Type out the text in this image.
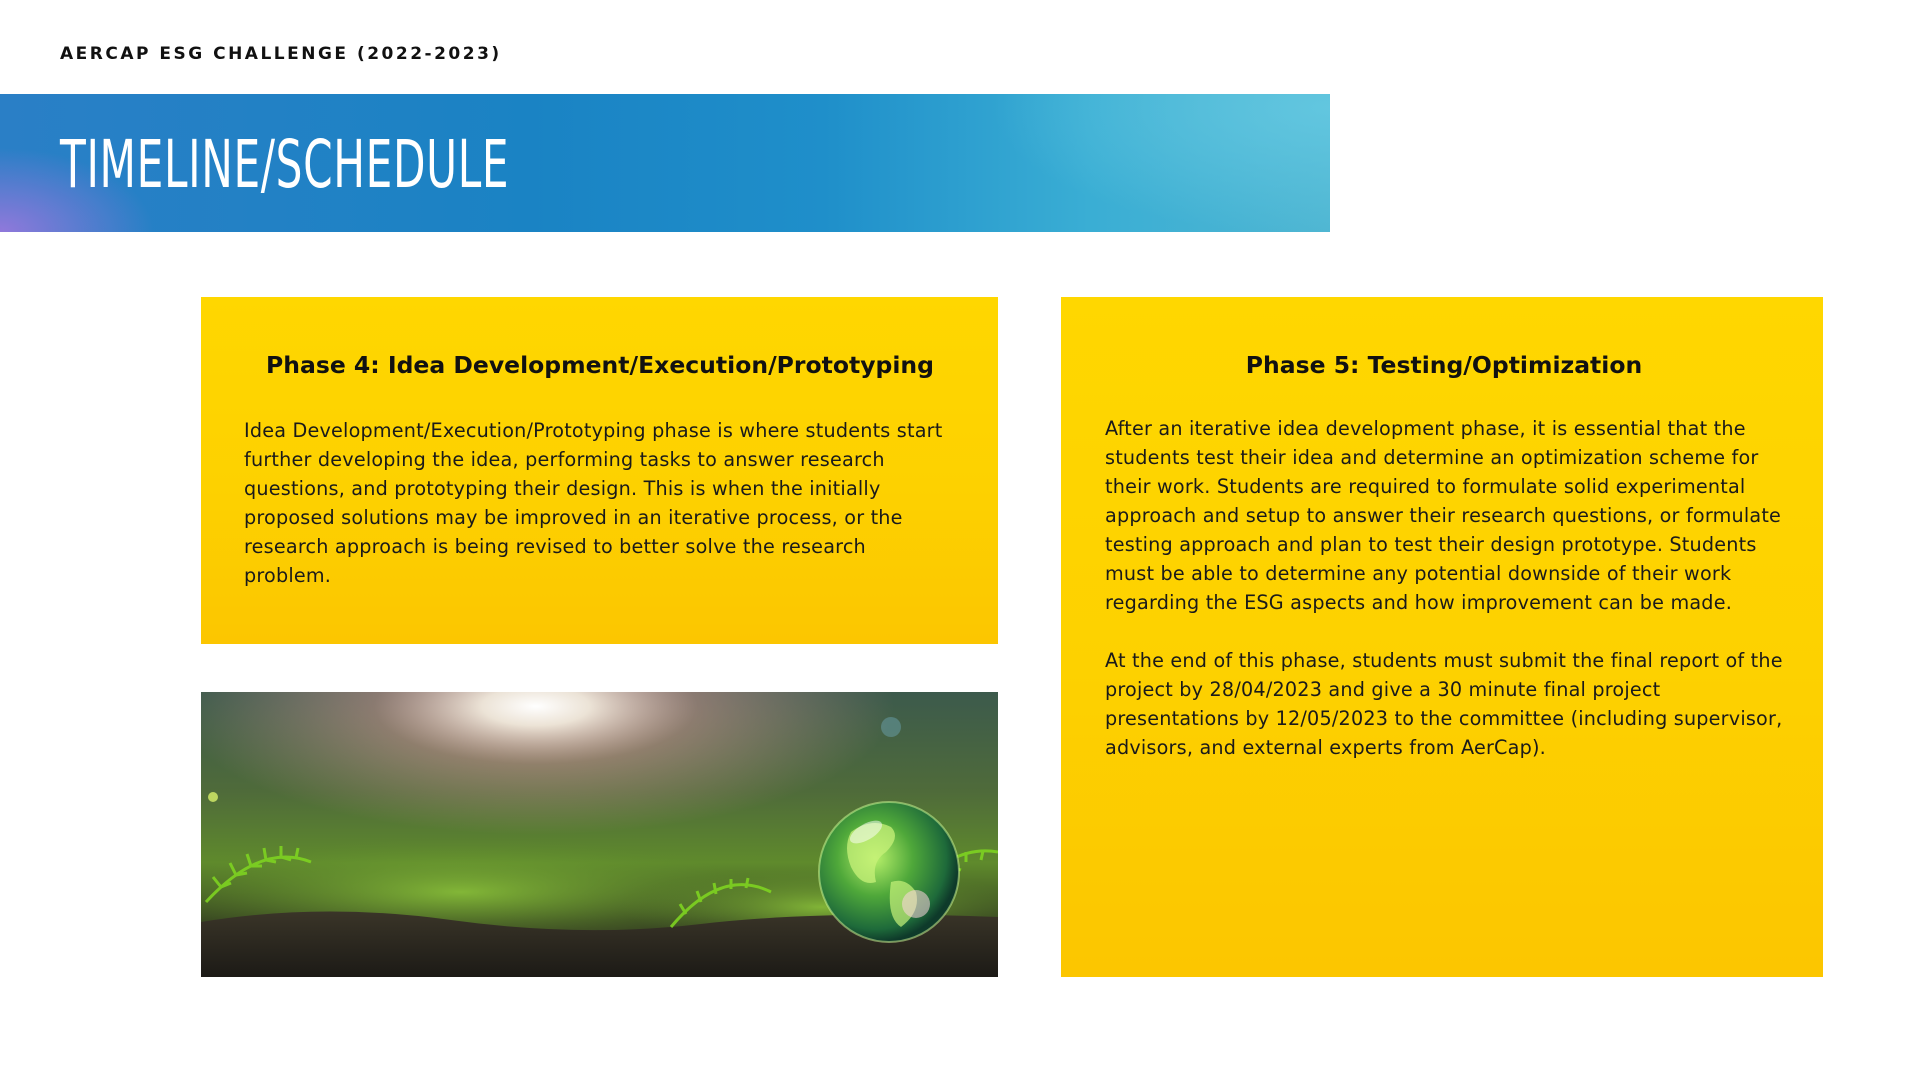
AERCAP ESG CHALLENGE (2022-2023)
TIMELINE/SCHEDULE
Phase 4: Idea Development/Execution/Prototyping

Idea Development/Execution/Prototyping phase is where students start further developing the idea, performing tasks to answer research questions, and prototyping their design. This is when the initially proposed solutions may be improved in an iterative process, or the research approach is being revised to better solve the research problem.

Phase 5: Testing/Optimization

After an iterative idea development phase, it is essential that the students test their idea and determine an optimization scheme for their work. Students are required to formulate solid experimental approach and setup to answer their research questions, or formulate testing approach and plan to test their design prototype. Students must be able to determine any potential downside of their work regarding the ESG aspects and how improvement can be made.

At the end of this phase, students must submit the final report of the project by 28/04/2023 and give a 30 minute final project presentations by 12/05/2023 to the committee (including supervisor, advisors, and external experts from AerCap).
